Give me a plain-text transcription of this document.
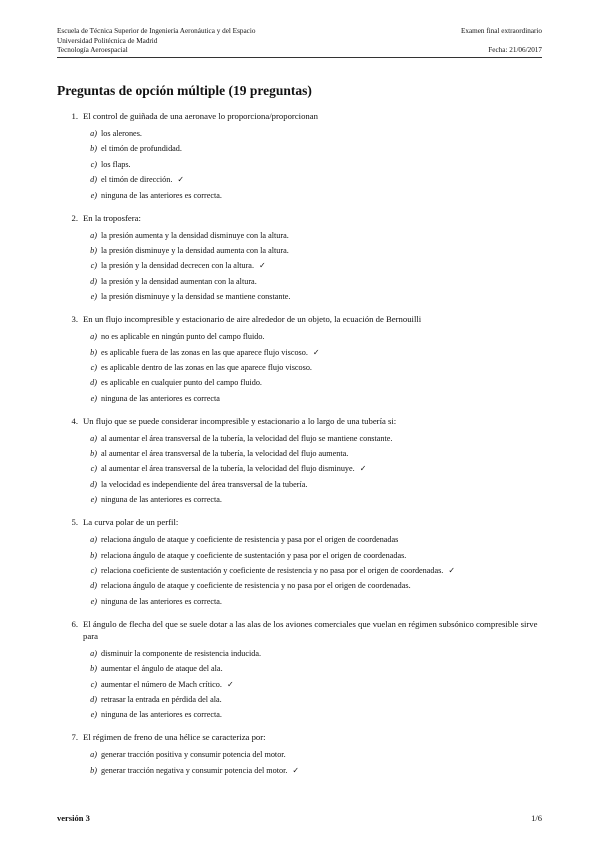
Escuela de Técnica Superior de Ingeniería Aeronáutica y del Espacio	Examen final extraordinario
Universidad Politécnica de Madrid
Tecnología Aeroespacial	Fecha: 21/06/2017
Preguntas de opción múltiple (19 preguntas)
1. El control de guiñada de una aeronave lo proporciona/proporcionan
a) los alerones.
b) el timón de profundidad.
c) los flaps.
d) el timón de dirección. ✓
e) ninguna de las anteriores es correcta.
2. En la troposfera:
a) la presión aumenta y la densidad disminuye con la altura.
b) la presión disminuye y la densidad aumenta con la altura.
c) la presión y la densidad decrecen con la altura. ✓
d) la presión y la densidad aumentan con la altura.
e) la presión disminuye y la densidad se mantiene constante.
3. En un flujo incompresible y estacionario de aire alrededor de un objeto, la ecuación de Bernouilli
a) no es aplicable en ningún punto del campo fluido.
b) es aplicable fuera de las zonas en las que aparece flujo viscoso. ✓
c) es aplicable dentro de las zonas en las que aparece flujo viscoso.
d) es aplicable en cualquier punto del campo fluido.
e) ninguna de las anteriores es correcta
4. Un flujo que se puede considerar incompresible y estacionario a lo largo de una tubería si:
a) al aumentar el área transversal de la tubería, la velocidad del flujo se mantiene constante.
b) al aumentar el área transversal de la tubería, la velocidad del flujo aumenta.
c) al aumentar el área transversal de la tubería, la velocidad del flujo disminuye. ✓
d) la velocidad es independiente del área transversal de la tubería.
e) ninguna de las anteriores es correcta.
5. La curva polar de un perfil:
a) relaciona ángulo de ataque y coeficiente de resistencia y pasa por el origen de coordenadas
b) relaciona ángulo de ataque y coeficiente de sustentación y pasa por el origen de coordenadas.
c) relaciona coeficiente de sustentación y coeficiente de resistencia y no pasa por el origen de coordenadas. ✓
d) relaciona ángulo de ataque y coeficiente de resistencia y no pasa por el origen de coordenadas.
e) ninguna de las anteriores es correcta.
6. El ángulo de flecha del que se suele dotar a las alas de los aviones comerciales que vuelan en régimen subsónico compresible sirve para
a) disminuir la componente de resistencia inducida.
b) aumentar el ángulo de ataque del ala.
c) aumentar el número de Mach crítico. ✓
d) retrasar la entrada en pérdida del ala.
e) ninguna de las anteriores es correcta.
7. El régimen de freno de una hélice se caracteriza por:
a) generar tracción positiva y consumir potencia del motor.
b) generar tracción negativa y consumir potencia del motor. ✓
versión 3	1/6
